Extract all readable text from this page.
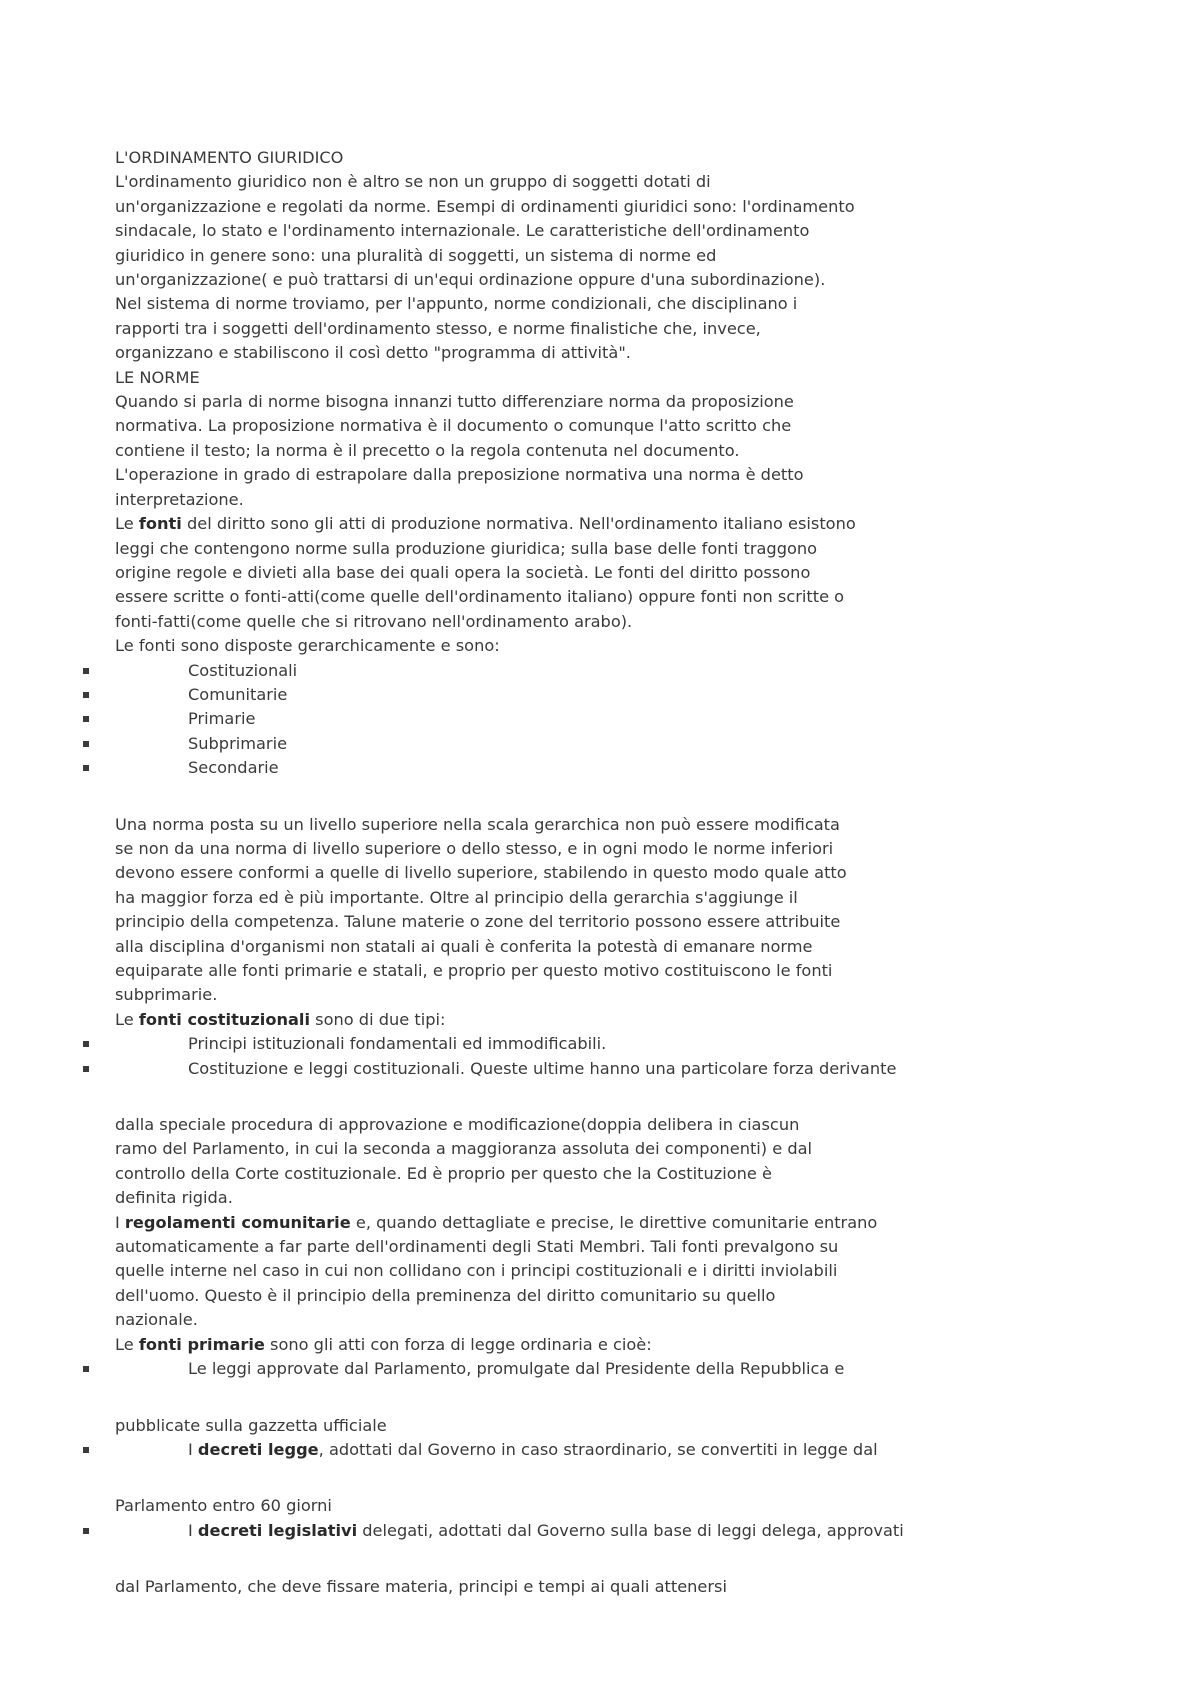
L'ORDINAMENTO GIURIDICO
L'ordinamento giuridico non è altro se non un gruppo di soggetti dotati di
un'organizzazione e regolati da norme. Esempi di ordinamenti giuridici sono: l'ordinamento
sindacale, lo stato e l'ordinamento internazionale. Le caratteristiche dell'ordinamento
giuridico in genere sono: una pluralità di soggetti, un sistema di norme ed
un'organizzazione( e può trattarsi di un'equi ordinazione oppure d'una subordinazione).
Nel sistema di norme troviamo, per l'appunto, norme condizionali, che disciplinano i
rapporti tra i soggetti dell'ordinamento stesso, e norme finalistiche che, invece,
organizzano e stabiliscono il così detto "programma di attività".
LE NORME
Quando si parla di norme bisogna innanzi tutto differenziare norma da proposizione
normativa. La proposizione normativa è il documento o comunque l'atto scritto che
contiene il testo; la norma è il precetto o la regola contenuta nel documento.
L'operazione in grado di estrapolare dalla preposizione normativa una norma è detto
interpretazione.
Le fonti del diritto sono gli atti di produzione normativa. Nell'ordinamento italiano esistono
leggi che contengono norme sulla produzione giuridica; sulla base delle fonti traggono
origine regole e divieti alla base dei quali opera la società. Le fonti del diritto possono
essere scritte o fonti-atti(come quelle dell'ordinamento italiano) oppure fonti non scritte o
fonti-fatti(come quelle che si ritrovano nell'ordinamento arabo).
Le fonti sono disposte gerarchicamente e sono:
Costituzionali
Comunitarie
Primarie
Subprimarie
Secondarie
Una norma posta su un livello superiore nella scala gerarchica non può essere modificata
se non da una norma di livello superiore o dello stesso, e in ogni modo le norme inferiori
devono essere conformi a quelle di livello superiore, stabilendo in questo modo quale atto
ha maggior forza ed è più importante. Oltre al principio della gerarchia s'aggiunge il
principio della competenza. Talune materie o zone del territorio possono essere attribuite
alla disciplina d'organismi non statali ai quali è conferita la potestà di emanare norme
equiparate alle fonti primarie e statali, e proprio per questo motivo costituiscono le fonti
subprimarie.
Le fonti costituzionali sono di due tipi:
Principi istituzionali fondamentali ed immodificabili.
Costituzione e leggi costituzionali. Queste ultime hanno una particolare forza derivante
dalla speciale procedura di approvazione e modificazione(doppia delibera in ciascun
ramo del Parlamento, in cui la seconda a maggioranza assoluta dei componenti) e dal
controllo della Corte costituzionale. Ed è proprio per questo che la Costituzione è
definita rigida.
I regolamenti comunitarie e, quando dettagliate e precise, le direttive comunitarie entrano
automaticamente a far parte dell'ordinamenti degli Stati Membri. Tali fonti prevalgono su
quelle interne nel caso in cui non collidano con i principi costituzionali e i diritti inviolabili
dell'uomo. Questo è il principio della preminenza del diritto comunitario su quello
nazionale.
Le fonti primarie sono gli atti con forza di legge ordinaria e cioè:
Le leggi approvate dal Parlamento, promulgate dal Presidente della Repubblica e
pubblicate sulla gazzetta ufficiale
I decreti legge, adottati dal Governo in caso straordinario, se convertiti in legge dal
Parlamento entro 60 giorni
I decreti legislativi delegati, adottati dal Governo sulla base di leggi delega, approvati
dal Parlamento, che deve fissare materia, principi e tempi ai quali attenersi
